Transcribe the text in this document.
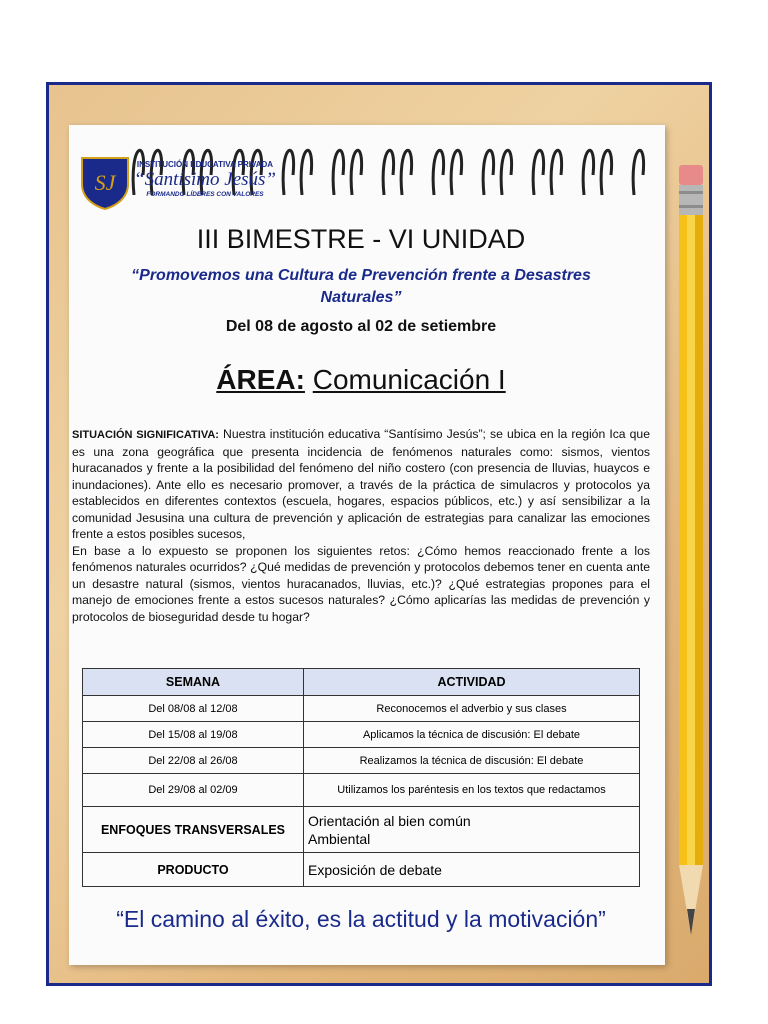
SJ
INSTITUCIÓN EDUCATIVA PRIVADA
“Santísimo Jesús”
FORMANDO LÍDERES CON VALORES
III BIMESTRE - VI UNIDAD
“Promovemos una Cultura de Prevención frente a Desastres Naturales”
Del 08 de agosto al 02 de setiembre
ÁREA: Comunicación I
SITUACIÓN SIGNIFICATIVA: Nuestra institución educativa “Santísimo Jesús”; se ubica en la región Ica que es una zona geográfica que presenta incidencia de fenómenos naturales como: sismos, vientos huracanados y frente a la posibilidad del fenómeno del niño costero (con presencia de lluvias, huaycos e inundaciones). Ante ello es necesario promover, a través de la práctica de simulacros y protocolos ya establecidos en diferentes contextos (escuela, hogares, espacios públicos, etc.) y así sensibilizar a la comunidad Jesusina una cultura de prevención y aplicación de estrategias para canalizar las emociones frente a estos posibles sucesos,
En base a lo expuesto se proponen los siguientes retos: ¿Cómo hemos reaccionado frente a los fenómenos naturales ocurridos? ¿Qué medidas de prevención y protocolos debemos tener en cuenta ante un desastre natural (sismos, vientos huracanados, lluvias, etc.)? ¿Qué estrategias propones para el manejo de emociones frente a estos sucesos naturales? ¿Cómo aplicarías las medidas de prevención y protocolos de bioseguridad desde tu hogar?
SEMANA	ACTIVIDAD
Del 08/08 al 12/08	Reconocemos el adverbio y sus clases
Del 15/08 al 19/08	Aplicamos la técnica de discusión: El debate
Del 22/08 al 26/08	Realizamos la técnica de discusión: El debate
Del 29/08 al 02/09	Utilizamos los paréntesis en los textos que redactamos
ENFOQUES TRANSVERSALES	Orientación al bien común
Ambiental

PRODUCTO	Exposición de debate
“El camino al éxito, es la actitud y la motivación”
